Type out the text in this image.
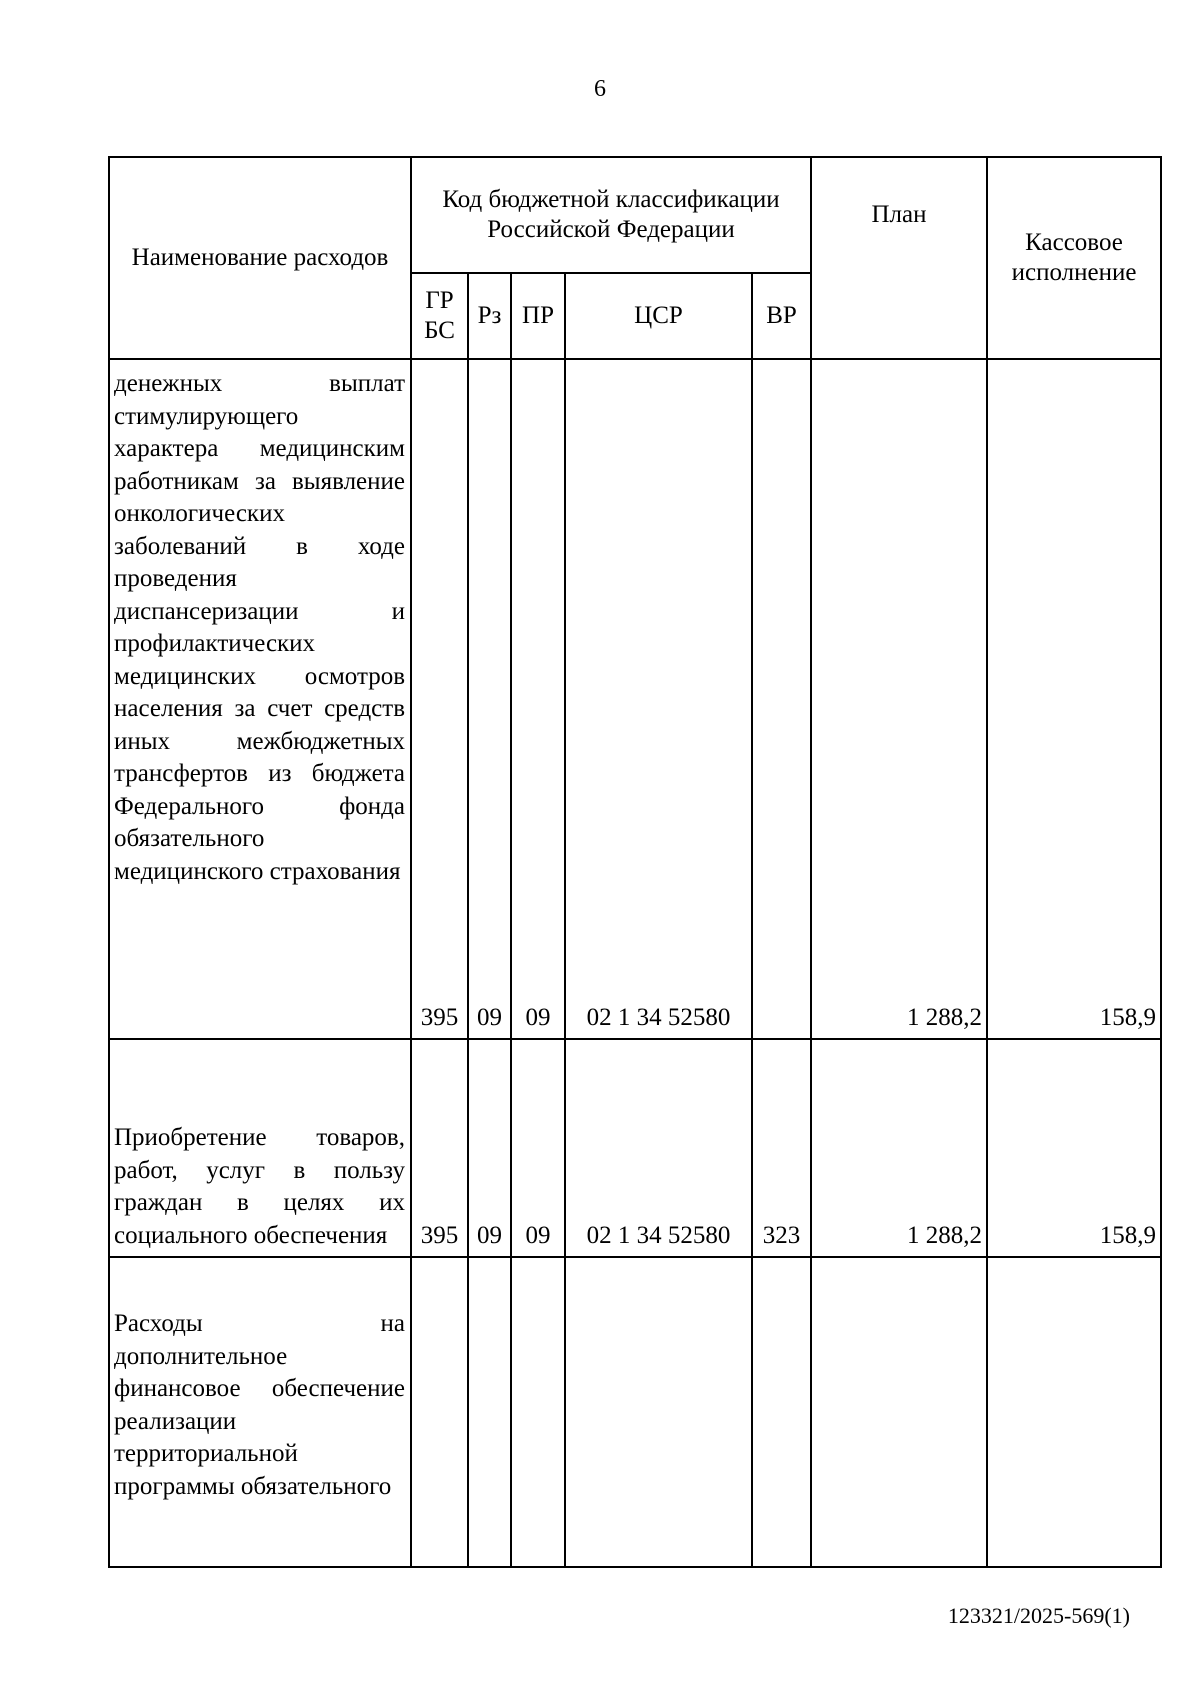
6
Наименование расходов	Код бюджетной классификации Российской Федерации					План	Кассовое исполнение
	ГР БС	Рз	ПР	ЦСР	ВР		
денежных выплат стимулирующего характера медицинским работникам за выявление онкологических заболеваний в ходе проведения диспансеризации и профилактических медицинских осмотров населения за счет средств иных межбюджетных трансфертов из бюджета Федерального фонда обязательного медицинского страхования	395	09	09	02 1 34 52580		1 288,2	158,9
Приобретение товаров, работ, услуг в пользу граждан в целях их социального обеспечения	395	09	09	02 1 34 52580	323	1 288,2	158,9
Расходы на дополнительное финансовое обеспечение реализации территориальной программы обязательного							
123321/2025-569(1)
